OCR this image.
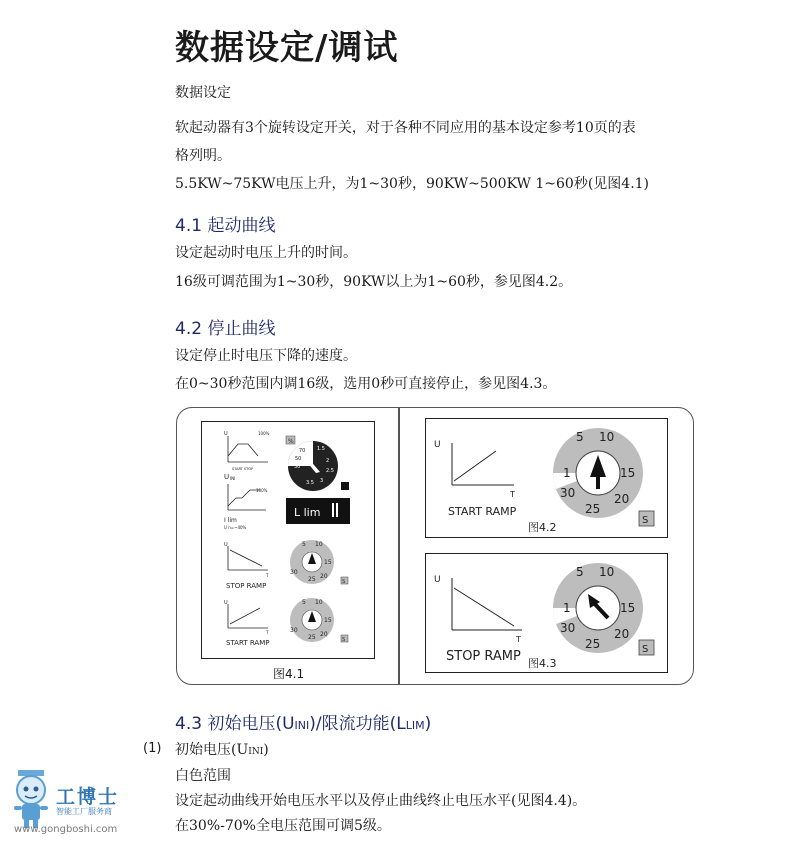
数据设定/调试
数据设定
软起动器有3个旋转设定开关，对于各种不同应用的基本设定参考10页的表
格列明。
5.5KW~75KW电压上升，为1~30秒，90KW~500KW 1~60秒(见图4.1)
4.1 起动曲线
设定起动时电压上升的时间。
16级可调范围为1~30秒，90KW以上为1~60秒，参见图4.2。
4.2 停止曲线
设定停止时电压下降的速度。
在0~30秒范围内调16级，选用0秒可直接停止，参见图4.3。
U	100%
START STOP
U INI
%
70
50
30
1.5
2
2.5
3
3.5
100%
I lim
U n=~40%
L lim
U
T
STOP RAMP
5 10
15
20
25
30
S
U
T
START RAMP
5 10
15
20
25
30
S
图4.1
U
T
START RAMP
图4.2
5 10
15
20
25
30
1
S
U
T
STOP RAMP 图4.3
5 10
15
20
25
30
1
S
4.3 初始电压(UINI)/限流功能(LLIM)
(1) 初始电压(UINI)
白色范围
设定起动曲线开始电压水平以及停止曲线终止电压水平(见图4.4)。
在30%-70%全电压范围可调5级。
工博士
智能工厂服务商
www.gongboshi.com
